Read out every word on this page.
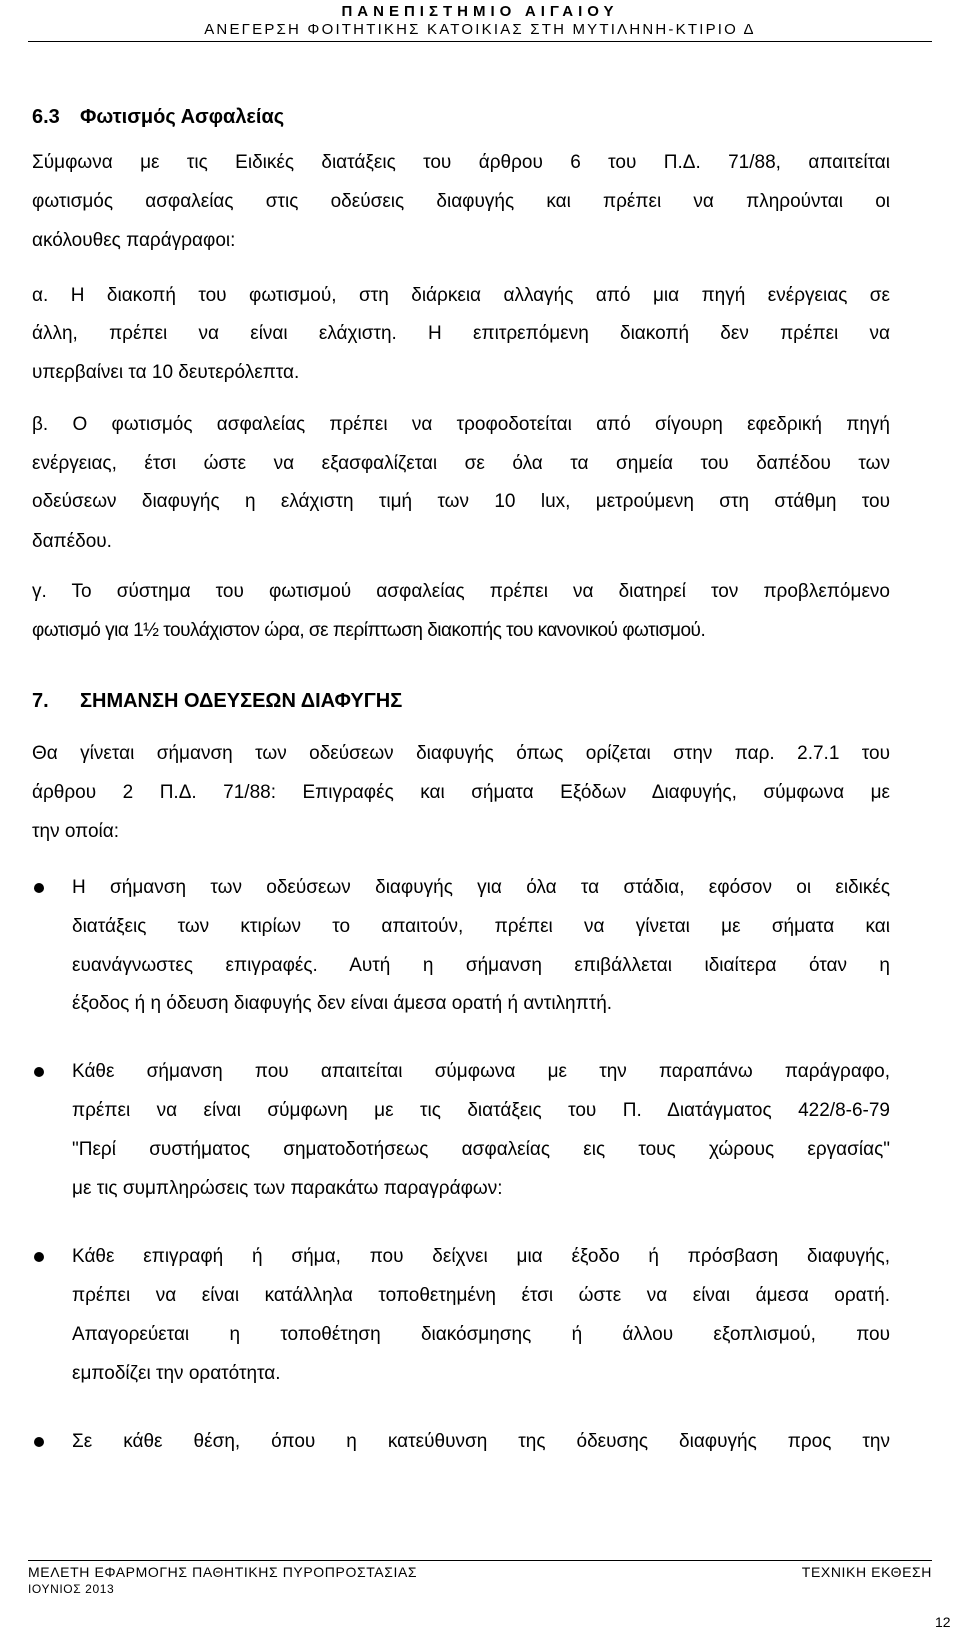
ΠΑΝΕΠΙΣΤΗΜΙΟ ΑΙΓΑΙΟΥ
ΑΝΕΓΕΡΣΗ ΦΟΙΤΗΤΙΚΗΣ ΚΑΤΟΙΚΙΑΣ ΣΤΗ ΜΥΤΙΛΗΝΗ-ΚΤΙΡΙΟ Δ
6.3 Φωτισμός Ασφαλείας
Σύμφωνα με τις Ειδικές διατάξεις του άρθρου 6 του Π.Δ. 71/88, απαιτείται
φωτισμός ασφαλείας στις οδεύσεις διαφυγής και πρέπει να πληρούνται οι
ακόλουθες παράγραφοι:
α. Η διακοπή του φωτισμού, στη διάρκεια αλλαγής από μια πηγή ενέργειας σε
άλλη, πρέπει να είναι ελάχιστη. Η επιτρεπόμενη διακοπή δεν πρέπει να
υπερβαίνει τα 10 δευτερόλεπτα.
β. Ο φωτισμός ασφαλείας πρέπει να τροφοδοτείται από σίγουρη εφεδρική πηγή
ενέργειας, έτσι ώστε να εξασφαλίζεται σε όλα τα σημεία του δαπέδου των
οδεύσεων διαφυγής η ελάχιστη τιμή των 10 lux, μετρούμενη στη στάθμη του
δαπέδου.
γ. Το σύστημα του φωτισμού ασφαλείας πρέπει να διατηρεί τον προβλεπόμενο
φωτισμό για 1½ τουλάχιστον ώρα, σε περίπτωση διακοπής του κανονικού φωτισμού.
7. ΣΗΜΑΝΣΗ ΟΔΕΥΣΕΩΝ ΔΙΑΦΥΓΗΣ
Θα γίνεται σήμανση των οδεύσεων διαφυγής όπως ορίζεται στην παρ. 2.7.1 του
άρθρου 2 Π.Δ. 71/88: Επιγραφές και σήματα Εξόδων Διαφυγής, σύμφωνα με
την οποία:
Η σήμανση των οδεύσεων διαφυγής για όλα τα στάδια, εφόσον οι ειδικές
διατάξεις των κτιρίων το απαιτούν, πρέπει να γίνεται με σήματα και
ευανάγνωστες επιγραφές. Αυτή η σήμανση επιβάλλεται ιδιαίτερα όταν η
έξοδος ή η όδευση διαφυγής δεν είναι άμεσα ορατή ή αντιληπτή.
Κάθε σήμανση που απαιτείται σύμφωνα με την παραπάνω παράγραφο,
πρέπει να είναι σύμφωνη με τις διατάξεις του Π. Διατάγματος 422/8-6-79
"Περί συστήματος σηματοδοτήσεως ασφαλείας εις τους χώρους εργασίας"
με τις συμπληρώσεις των παρακάτω παραγράφων:
Κάθε επιγραφή ή σήμα, που δείχνει μια έξοδο ή πρόσβαση διαφυγής,
πρέπει να είναι κατάλληλα τοποθετημένη έτσι ώστε να είναι άμεσα ορατή.
Απαγορεύεται η τοποθέτηση διακόσμησης ή άλλου εξοπλισμού, που
εμποδίζει την ορατότητα.
Σε κάθε θέση, όπου η κατεύθυνση της όδευσης διαφυγής προς την
ΜΕΛΕΤΗ ΕΦΑΡΜΟΓΗΣ ΠΑΘΗΤΙΚΗΣ ΠΥΡΟΠΡΟΣΤΑΣΙΑΣ
ΙΟΥΝΙΟΣ 2013
ΤΕΧΝΙΚΗ ΕΚΘΕΣΗ
12
